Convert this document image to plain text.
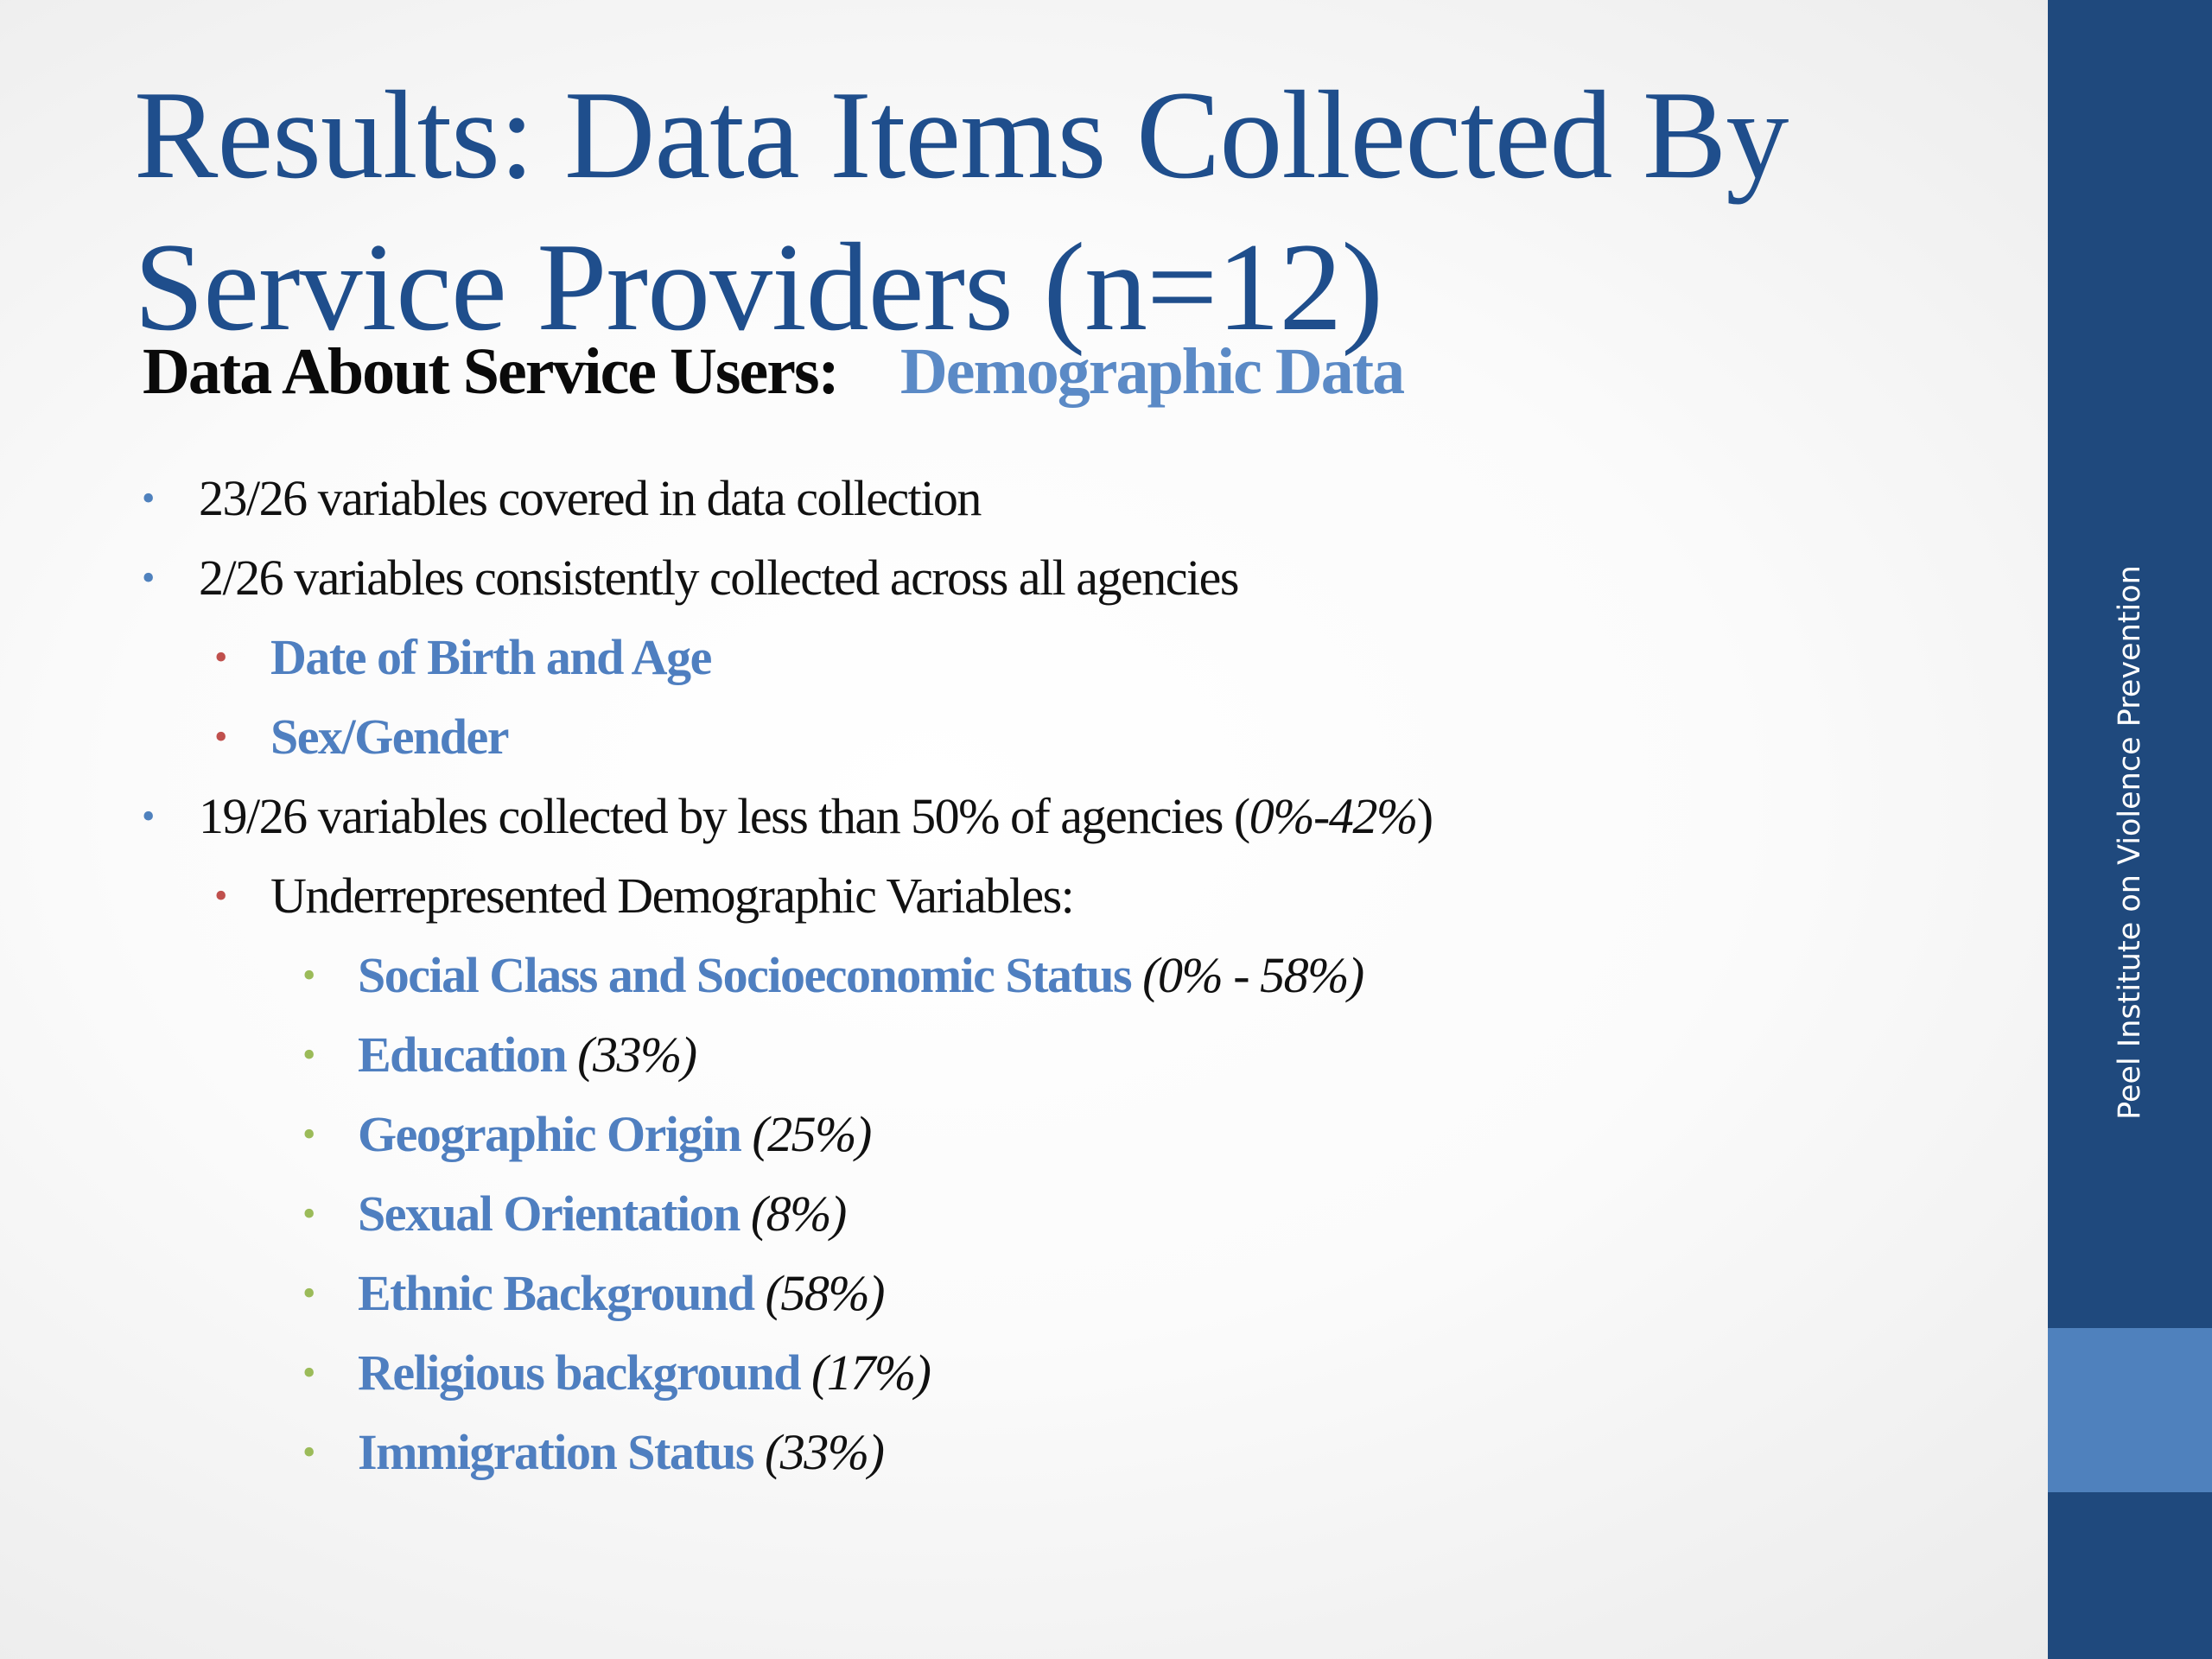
Results: Data Items Collected By Service Providers (n=12)
Data About Service Users: Demographic Data
• 23/26 variables covered in data collection
• 2/26 variables consistently collected across all agencies
• Date of Birth and Age
• Sex/Gender
• 19/26 variables collected by less than 50% of agencies (0%-42%)
• Underrepresented Demographic Variables:
• Social Class and Socioeconomic Status (0% - 58%)
• Education (33%)
• Geographic Origin (25%)
• Sexual Orientation (8%)
• Ethnic Background (58%)
• Religious background (17%)
• Immigration Status (33%)
Peel Institute on Violence Prevention
